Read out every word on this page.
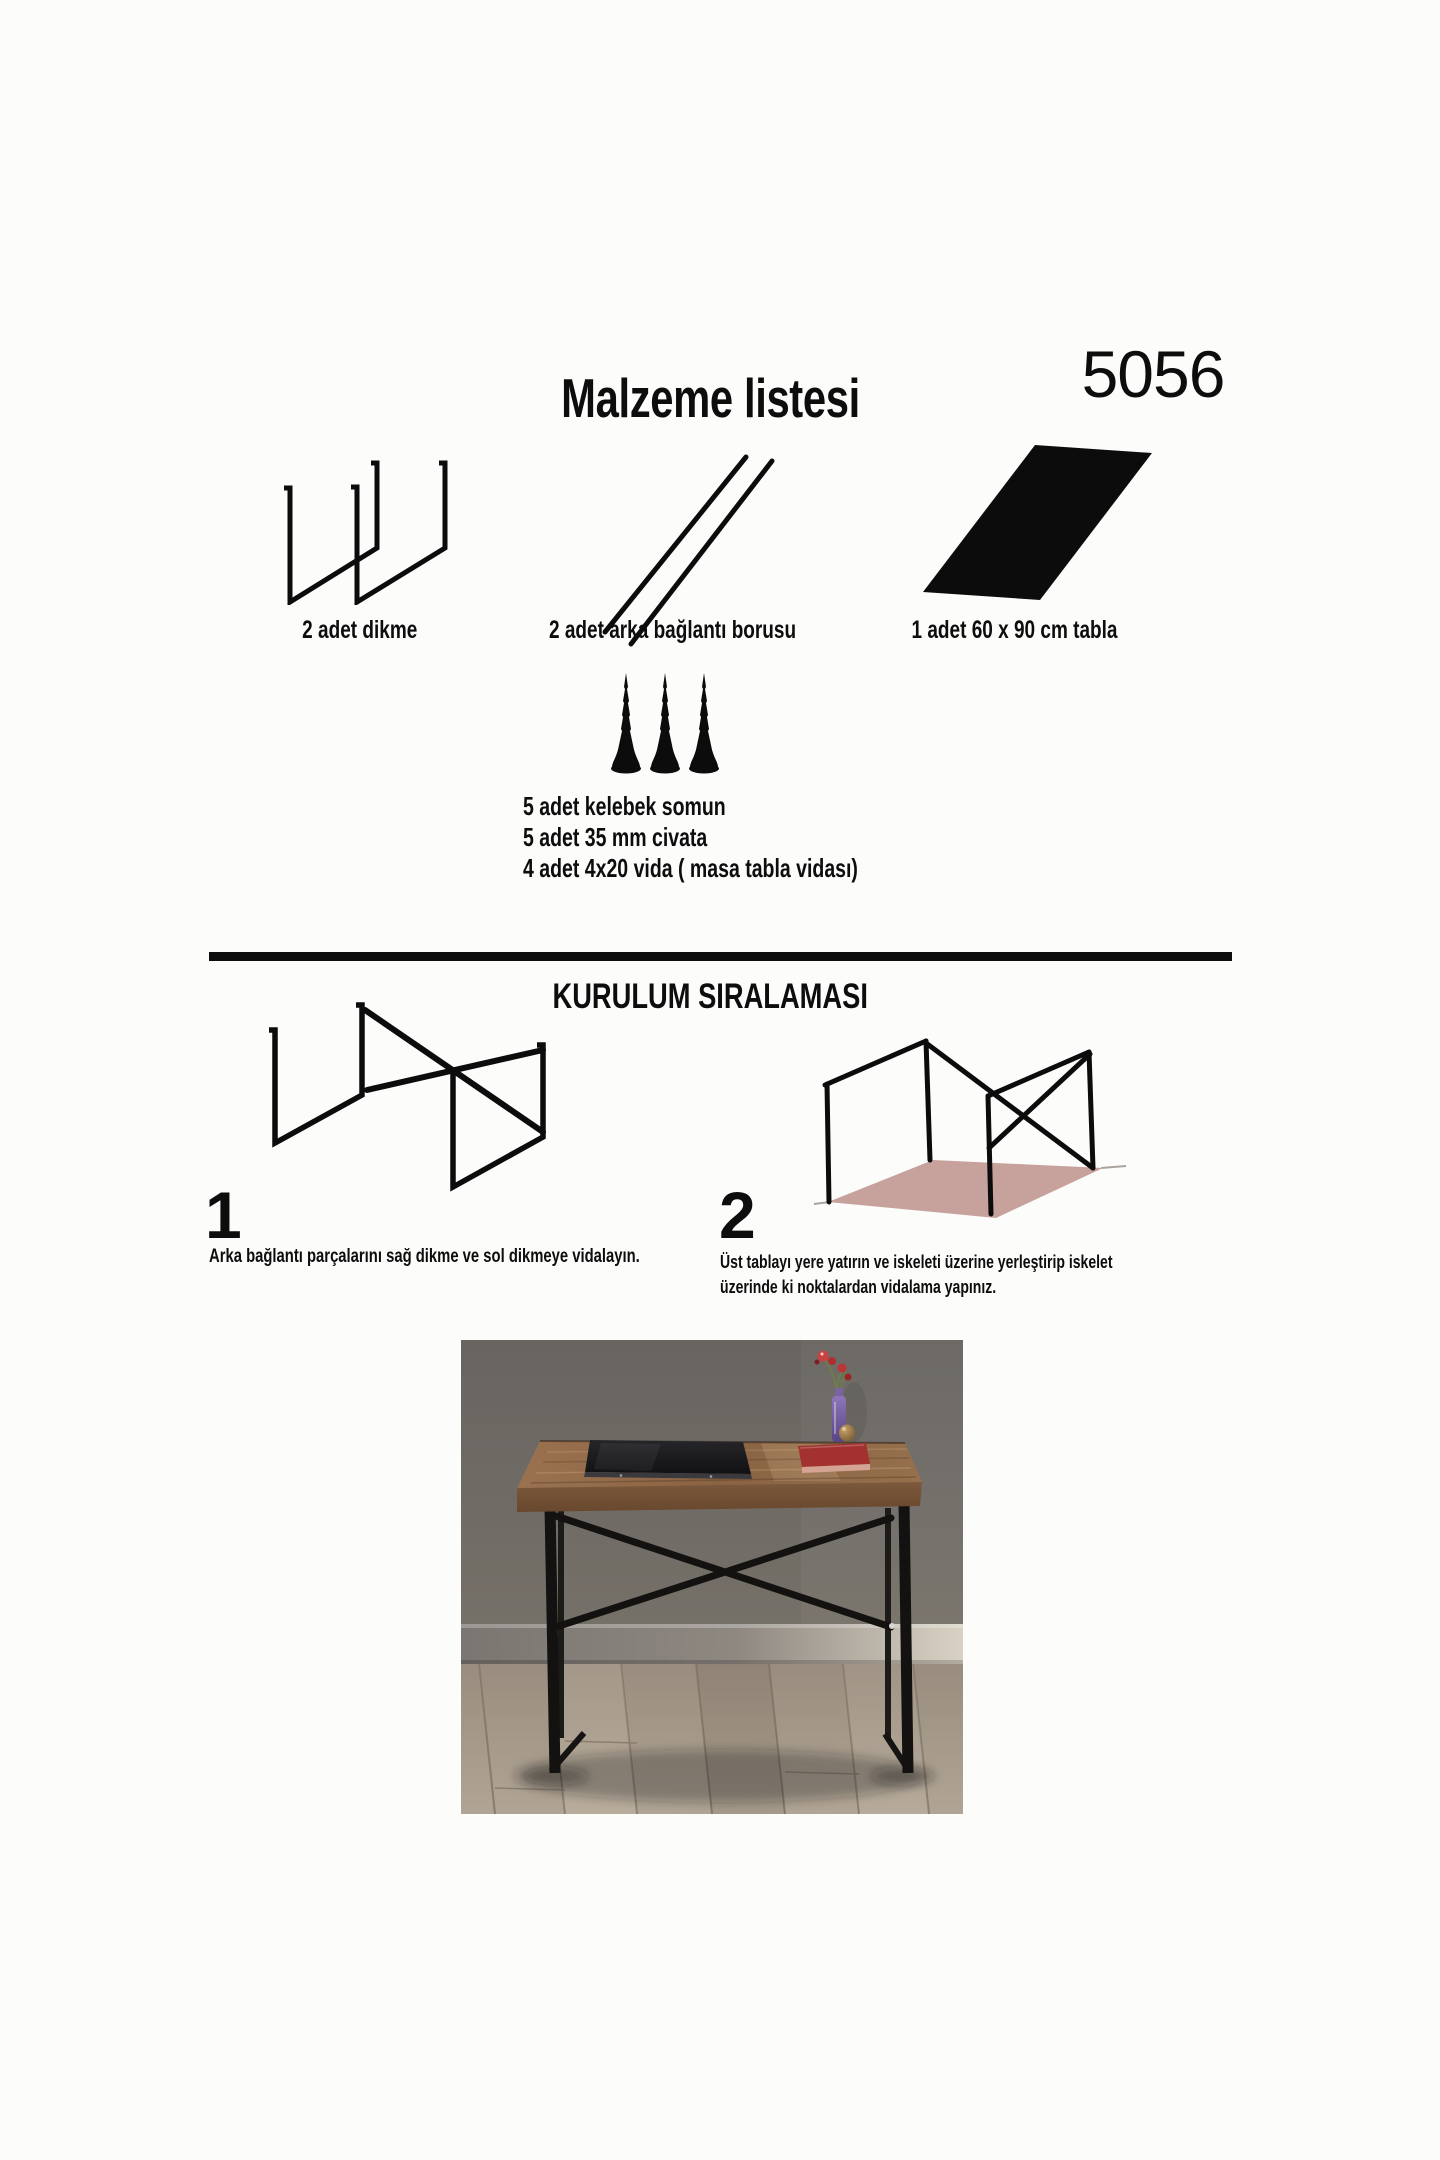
Malzeme listesi	5056
2 adet dikme	2 adet arka bağlantı borusu	1 adet 60 x 90 cm tabla
5 adet kelebek somun
5 adet 35 mm civata
4 adet 4x20 vida ( masa tabla vidası)
KURULUM SIRALAMASI
1	2
Arka bağlantı parçalarını sağ dikme ve sol dikmeye vidalayın.	Üst tablayı yere yatırın ve iskeleti üzerine yerleştirip iskelet
üzerinde ki noktalardan vidalama yapınız.
